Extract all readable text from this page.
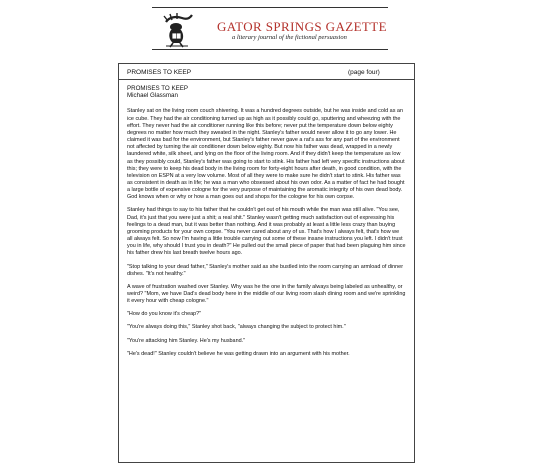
GATOR SPRINGS GAZETTE
a literary journal of the fictional persuasion
PROMISES TO KEEP	(page four)
PROMISES TO KEEP
Michael Glassman

Stanley sat on the living room couch shivering. It was a hundred degrees outside, but he was inside and cold as an ice cube. They had the air conditioning turned up as high as it possibly could go, sputtering and wheezing with the effort. They never had the air conditioner running like this before; never put the temperature down below eighty degrees no matter how much they sweated in the night. Stanley's father would never allow it to go any lower. He claimed it was bad for the environment, but Stanley's father never gave a rat's ass for any part of the environment not affected by turning the air conditioner down below eighty. But now his father was dead, wrapped in a newly laundered white, silk sheet, and lying on the floor of the living room. And if they didn't keep the temperature as low as they possibly could, Stanley's father was going to start to stink. His father had left very specific instructions about this; they were to keep his dead body in the living room for forty-eight hours after death, in good condition, with the television on ESPN at a very low volume. Most of all they were to make sure he didn't start to stink. His father was as consistent in death as in life; he was a man who obsessed about his own odor. As a matter of fact he had bought a large bottle of expensive cologne for the very purpose of maintaining the aromatic integrity of his own dead body. God knows when or why or how a man goes out and shops for the cologne for his own corpse.

Stanley had things to say to his father that he couldn't get out of his mouth while the man was still alive. "You see, Dad, it's just that you were just a shit; a real shit." Stanley wasn't getting much satisfaction out of expressing his feelings to a dead man, but it was better than nothing. And it was probably at least a little less crazy than buying grooming products for your own corpse. "You never cared about any of us. That's how I always felt, that's how we all always felt. So now I'm having a little trouble carrying out some of these insane instructions you left. I didn't trust you in life, why should I trust you in death?" He pulled out the small piece of paper that had been plaguing him since his father drew his last breath twelve hours ago.

"Stop talking to your dead father," Stanley's mother said as she bustled into the room carrying an armload of dinner dishes. "It's not healthy."

A wave of frustration washed over Stanley. Why was he the one in the family always being labeled as unhealthy, or weird? "Mom, we have Dad's dead body here in the middle of our living room slash dining room and we're sprinkling it every hour with cheap cologne."

"How do you know it's cheap?"

"You're always doing this," Stanley shot back, "always changing the subject to protect him."

"You're attacking him Stanley. He's my husband."

"He's dead!" Stanley couldn't believe he was getting drawn into an argument with his mother.
